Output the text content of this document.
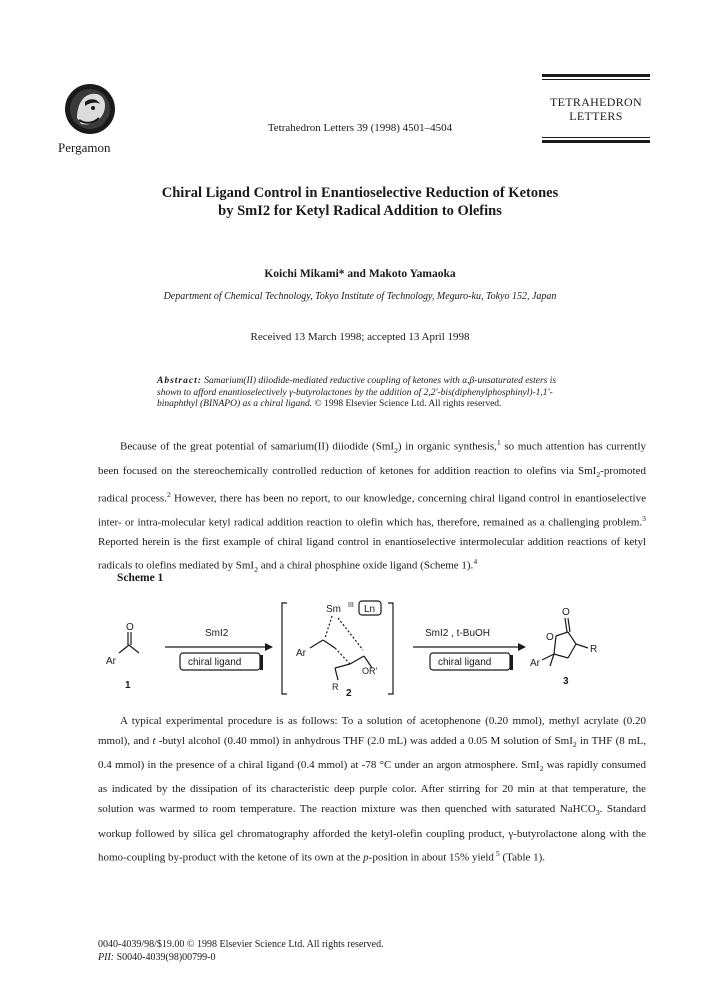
Pergamon
Tetrahedron Letters 39 (1998) 4501–4504
TETRAHEDRON
LETTERS
Chiral Ligand Control in Enantioselective Reduction of Ketones
by SmI2 for Ketyl Radical Addition to Olefins
Koichi Mikami* and Makoto Yamaoka
Department of Chemical Technology, Tokyo Institute of Technology, Meguro-ku, Tokyo 152, Japan
Received 13 March 1998; accepted 13 April 1998
Abstract: Samarium(II) diiodide-mediated reductive coupling of ketones with α,β-unsaturated esters is shown to afford enantioselectively γ-butyrolactones by the addition of 2,2'-bis(diphenylphosphinyl)-1,1'-binaphthyl (BINAPO) as a chiral ligand. © 1998 Elsevier Science Ltd. All rights reserved.
  Because of the great potential of samarium(II) diiodide (SmI$_2$) in organic synthesis,$^1$ so much attention has currently been focused on the stereochemically controlled reduction of ketones for addition reaction to olefins via SmI$_2$-promoted radical process.$^2$ However, there has been no report, to our knowledge, concerning chiral ligand control in enantioselective inter- or intra-molecular ketyl radical addition reaction to olefin which has, therefore, remained as a challenging problem.$^3$ Reported herein is the first example of chiral ligand control in enantioselective intermolecular addition reactions of ketyl radicals to olefins mediated by SmI$_2$ and a chiral phosphine oxide ligand (Scheme 1).$^4$
Scheme 1
O
Ar
1
SmI2
chiral ligand
Sm III Ln
Ar
OR'
R
2
SmI2 , t-BuOH
chiral ligand
O
O
R
Ar
3
  A typical experimental procedure is as follows: To a solution of acetophenone (0.20 mmol), methyl acrylate (0.20 mmol), and t -butyl alcohol (0.40 mmol) in anhydrous THF (2.0 mL) was added a 0.05 M solution of SmI$_2$ in THF (8 mL, 0.4 mmol) in the presence of a chiral ligand (0.4 mmol) at -78 °C under an argon atmosphere. SmI$_2$ was rapidly consumed as indicated by the dissipation of its characteristic deep purple color. After stirring for 20 min at that temperature, the solution was warmed to room temperature. The reaction mixture was then quenched with saturated NaHCO$_3$. Standard workup followed by silica gel chromatography afforded the ketyl-olefin coupling product, γ-butyrolactone along with the homo-coupling by-product with the ketone of its own at the p-position in about 15% yield $^5$ (Table 1).
0040-4039/98/$19.00 © 1998 Elsevier Science Ltd. All rights reserved.
PII: S0040-4039(98)00799-0
